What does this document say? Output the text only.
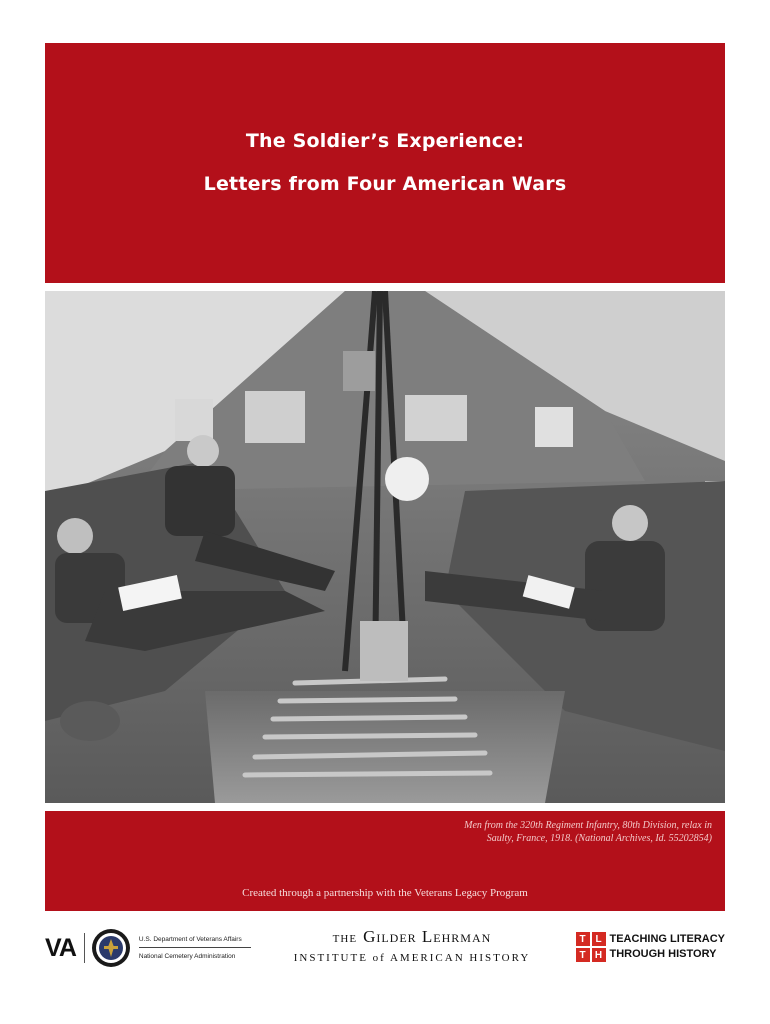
The Soldier’s Experience:
Letters from Four American Wars

Men from the 320th Regiment Infantry, 80th Division, relax in
Saulty, France, 1918. (National Archives, Id. 55202854)

Created through a partnership with the Veterans Legacy Program

VA	U.S. Department of Veterans Affairs
National Cemetery Administration
THE Gilder Lehrman
INSTITUTE of AMERICAN HISTORY
T L
T H
TEACHING LITERACY
THROUGH HISTORY
